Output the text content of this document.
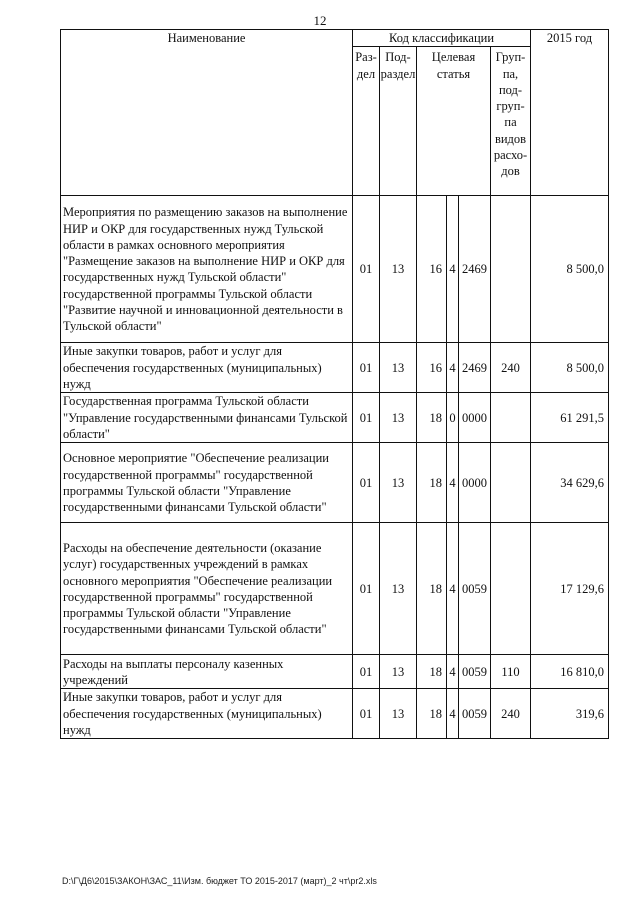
12
Наименование	Код классификации						2015 год
	Раз-дел	Под-раздел	Целевая статья			Груп-па, под-груп-па видов расхо-дов	
Мероприятия по размещению заказов на выполнение НИР и ОКР для государственных нужд Тульской области в рамках основного мероприятия "Размещение заказов на выполнение НИР и ОКР для государственных нужд Тульской области" государственной программы Тульской области "Развитие научной и инновационной деятельности в Тульской области"	01	13	16	4	2469		8 500,0
Иные закупки товаров, работ и услуг для обеспечения государственных (муниципальных) нужд	01	13	16	4	2469	240	8 500,0
Государственная программа Тульской области "Управление государственными финансами Тульской области"	01	13	18	0	0000		61 291,5
Основное мероприятие "Обеспечение реализации государственной программы" государственной программы Тульской области "Управление государственными финансами Тульской области"	01	13	18	4	0000		34 629,6
Расходы на обеспечение деятельности (оказание услуг) государственных учреждений в рамках основного мероприятия "Обеспечение реализации государственной программы" государственной программы Тульской области "Управление государственными финансами Тульской области"	01	13	18	4	0059		17 129,6
Расходы на выплаты персоналу казенных учреждений	01	13	18	4	0059	110	16 810,0
Иные закупки товаров, работ и услуг для обеспечения государственных (муниципальных) нужд	01	13	18	4	0059	240	319,6
D:\Г\Д6\2015\ЗАКОН\ЗАС_11\Изм. бюджет ТО 2015-2017 (март)_2 чт\pr2.xls
